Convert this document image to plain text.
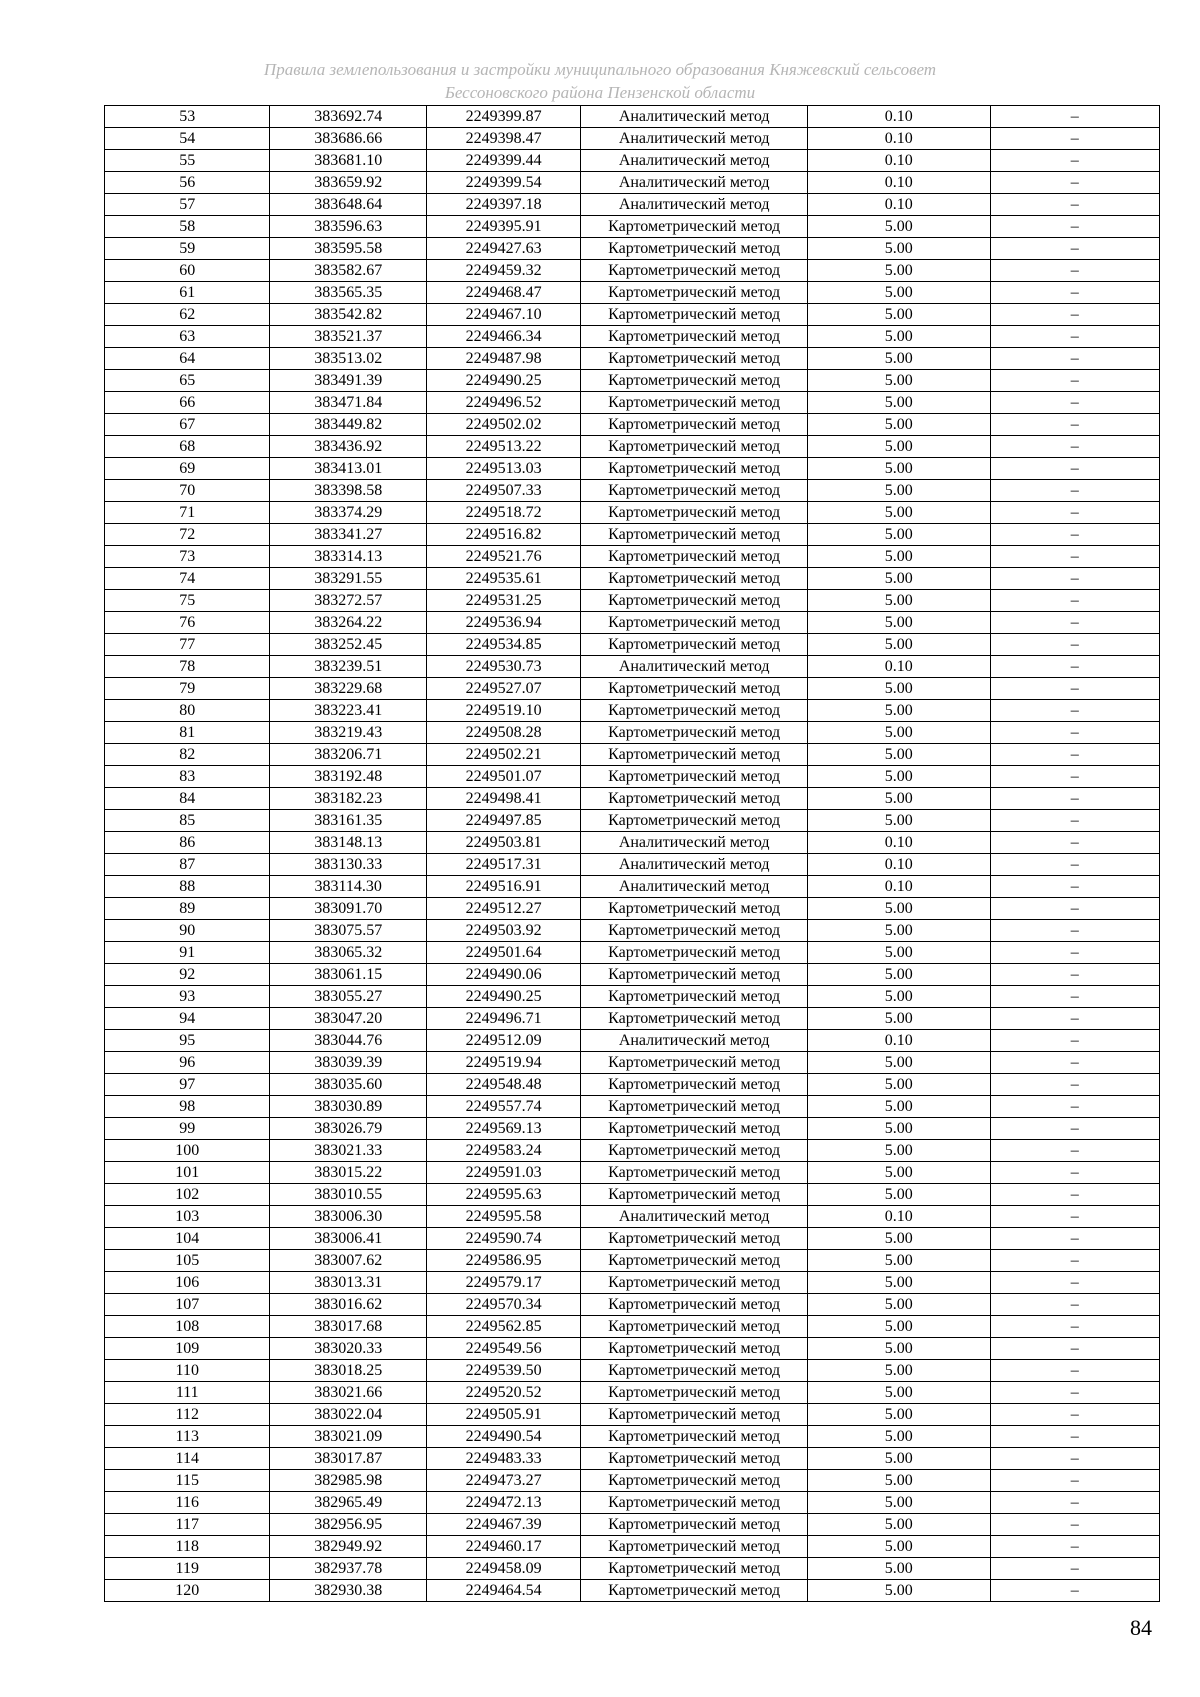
Правила землепользования и застройки муниципального образования Княжевский сельсовет
Бессоновского района Пензенской области
53	383692.74	2249399.87	Аналитический метод	0.10	–
54	383686.66	2249398.47	Аналитический метод	0.10	–
55	383681.10	2249399.44	Аналитический метод	0.10	–
56	383659.92	2249399.54	Аналитический метод	0.10	–
57	383648.64	2249397.18	Аналитический метод	0.10	–
58	383596.63	2249395.91	Картометрический метод	5.00	–
59	383595.58	2249427.63	Картометрический метод	5.00	–
60	383582.67	2249459.32	Картометрический метод	5.00	–
61	383565.35	2249468.47	Картометрический метод	5.00	–
62	383542.82	2249467.10	Картометрический метод	5.00	–
63	383521.37	2249466.34	Картометрический метод	5.00	–
64	383513.02	2249487.98	Картометрический метод	5.00	–
65	383491.39	2249490.25	Картометрический метод	5.00	–
66	383471.84	2249496.52	Картометрический метод	5.00	–
67	383449.82	2249502.02	Картометрический метод	5.00	–
68	383436.92	2249513.22	Картометрический метод	5.00	–
69	383413.01	2249513.03	Картометрический метод	5.00	–
70	383398.58	2249507.33	Картометрический метод	5.00	–
71	383374.29	2249518.72	Картометрический метод	5.00	–
72	383341.27	2249516.82	Картометрический метод	5.00	–
73	383314.13	2249521.76	Картометрический метод	5.00	–
74	383291.55	2249535.61	Картометрический метод	5.00	–
75	383272.57	2249531.25	Картометрический метод	5.00	–
76	383264.22	2249536.94	Картометрический метод	5.00	–
77	383252.45	2249534.85	Картометрический метод	5.00	–
78	383239.51	2249530.73	Аналитический метод	0.10	–
79	383229.68	2249527.07	Картометрический метод	5.00	–
80	383223.41	2249519.10	Картометрический метод	5.00	–
81	383219.43	2249508.28	Картометрический метод	5.00	–
82	383206.71	2249502.21	Картометрический метод	5.00	–
83	383192.48	2249501.07	Картометрический метод	5.00	–
84	383182.23	2249498.41	Картометрический метод	5.00	–
85	383161.35	2249497.85	Картометрический метод	5.00	–
86	383148.13	2249503.81	Аналитический метод	0.10	–
87	383130.33	2249517.31	Аналитический метод	0.10	–
88	383114.30	2249516.91	Аналитический метод	0.10	–
89	383091.70	2249512.27	Картометрический метод	5.00	–
90	383075.57	2249503.92	Картометрический метод	5.00	–
91	383065.32	2249501.64	Картометрический метод	5.00	–
92	383061.15	2249490.06	Картометрический метод	5.00	–
93	383055.27	2249490.25	Картометрический метод	5.00	–
94	383047.20	2249496.71	Картометрический метод	5.00	–
95	383044.76	2249512.09	Аналитический метод	0.10	–
96	383039.39	2249519.94	Картометрический метод	5.00	–
97	383035.60	2249548.48	Картометрический метод	5.00	–
98	383030.89	2249557.74	Картометрический метод	5.00	–
99	383026.79	2249569.13	Картометрический метод	5.00	–
100	383021.33	2249583.24	Картометрический метод	5.00	–
101	383015.22	2249591.03	Картометрический метод	5.00	–
102	383010.55	2249595.63	Картометрический метод	5.00	–
103	383006.30	2249595.58	Аналитический метод	0.10	–
104	383006.41	2249590.74	Картометрический метод	5.00	–
105	383007.62	2249586.95	Картометрический метод	5.00	–
106	383013.31	2249579.17	Картометрический метод	5.00	–
107	383016.62	2249570.34	Картометрический метод	5.00	–
108	383017.68	2249562.85	Картометрический метод	5.00	–
109	383020.33	2249549.56	Картометрический метод	5.00	–
110	383018.25	2249539.50	Картометрический метод	5.00	–
111	383021.66	2249520.52	Картометрический метод	5.00	–
112	383022.04	2249505.91	Картометрический метод	5.00	–
113	383021.09	2249490.54	Картометрический метод	5.00	–
114	383017.87	2249483.33	Картометрический метод	5.00	–
115	382985.98	2249473.27	Картометрический метод	5.00	–
116	382965.49	2249472.13	Картометрический метод	5.00	–
117	382956.95	2249467.39	Картометрический метод	5.00	–
118	382949.92	2249460.17	Картометрический метод	5.00	–
119	382937.78	2249458.09	Картометрический метод	5.00	–
120	382930.38	2249464.54	Картометрический метод	5.00	–
84
